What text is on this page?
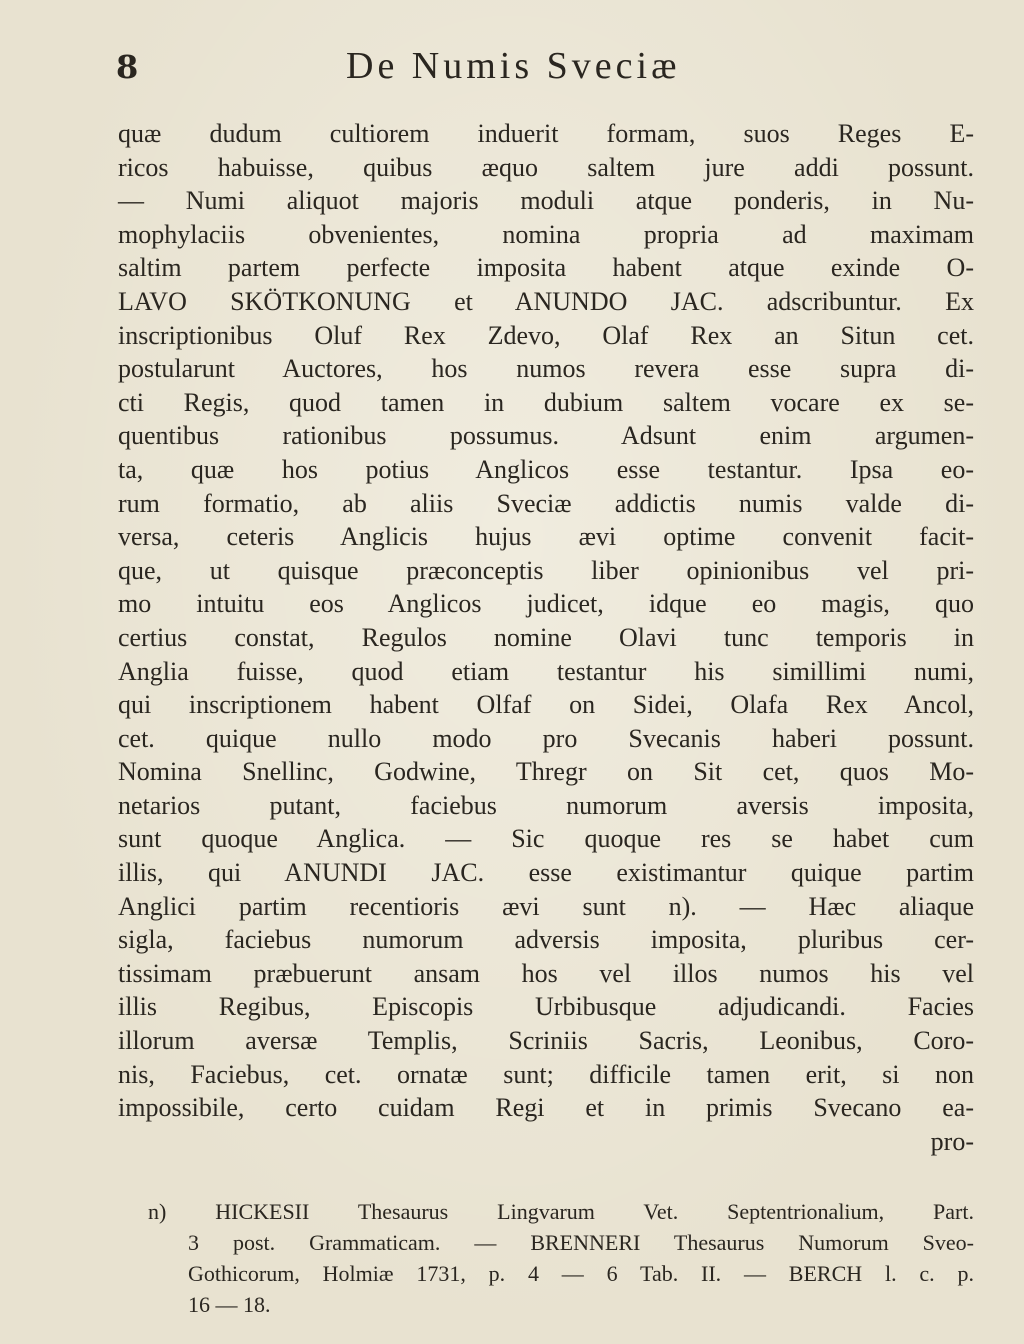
8	De Numis Sveciæ
quæ dudum cultiorem induerit formam, suos Reges E-
ricos habuisse, quibus æquo saltem jure addi possunt.
— Numi aliquot majoris moduli atque ponderis, in Nu-
mophylaciis obvenientes, nomina propria ad maximam
saltim partem perfecte imposita habent atque exinde O-
LAVO SKÖTKONUNG et ANUNDO JAC. adscribuntur. Ex
inscriptionibus Oluf Rex Zdevo, Olaf Rex an Situn cet.
postularunt Auctores, hos numos revera esse supra di-
cti Regis, quod tamen in dubium saltem vocare ex se-
quentibus rationibus possumus. Adsunt enim argumen-
ta, quæ hos potius Anglicos esse testantur. Ipsa eo-
rum formatio, ab aliis Sveciæ addictis numis valde di-
versa, ceteris Anglicis hujus ævi optime convenit facit-
que, ut quisque præconceptis liber opinionibus vel pri-
mo intuitu eos Anglicos judicet, idque eo magis, quo
certius constat, Regulos nomine Olavi tunc temporis in
Anglia fuisse, quod etiam testantur his simillimi numi,
qui inscriptionem habent Olfaf on Sidei, Olafa Rex Ancol,
cet. quique nullo modo pro Svecanis haberi possunt.
Nomina Snellinc, Godwine, Thregr on Sit cet, quos Mo-
netarios putant, faciebus numorum aversis imposita,
sunt quoque Anglica. — Sic quoque res se habet cum
illis, qui ANUNDI JAC. esse existimantur quique partim
Anglici partim recentioris ævi sunt n). — Hæc aliaque
sigla, faciebus numorum adversis imposita, pluribus cer-
tissimam præbuerunt ansam hos vel illos numos his vel
illis Regibus, Episcopis Urbibusque adjudicandi. Facies
illorum aversæ Templis, Scriniis Sacris, Leonibus, Coro-
nis, Faciebus, cet. ornatæ sunt; difficile tamen erit, si non
impossibile, certo cuidam Regi et in primis Svecano ea-
pro-
n) HICKESII Thesaurus Lingvarum Vet. Septentrionalium, Part.
3 post. Grammaticam. — BRENNERI Thesaurus Numorum Sveo-
Gothicorum, Holmiæ 1731, p. 4 — 6 Tab. II. — BERCH l. c. p.
16 — 18.
